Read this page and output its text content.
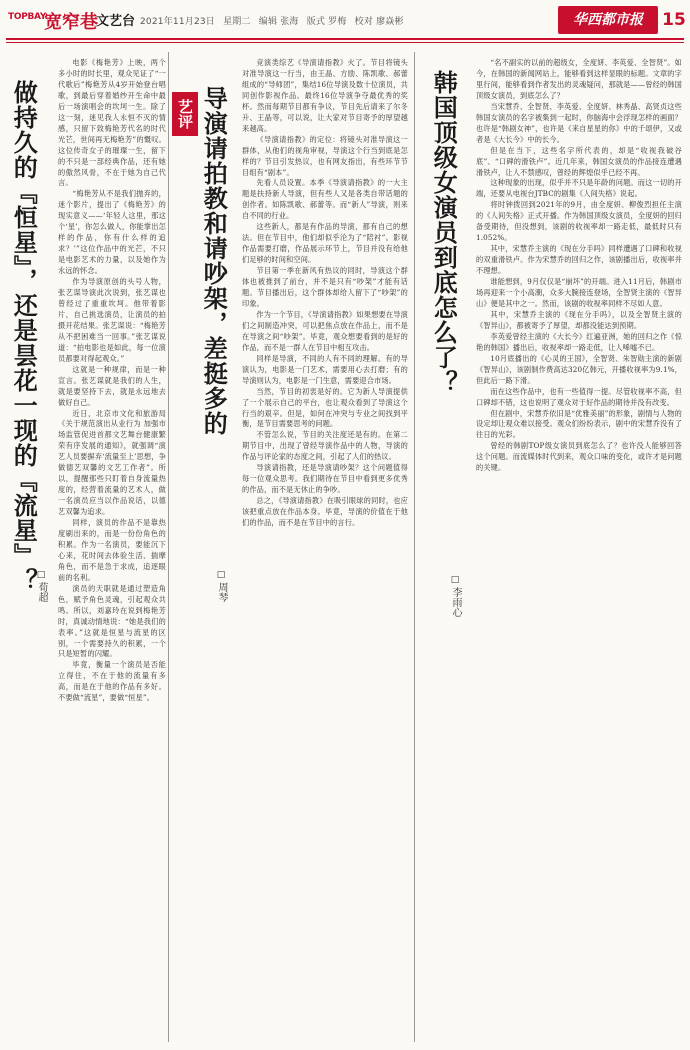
TOPBAY
宽窄巷
文艺台 2021年11月23日 星期二 编辑 张海 版式 罗梅 校对 廖焱彬	华西都市报	15
艺评
做持久的『恒星』，还是昙花一现的『流星』？
□ 荀超

电影《梅艳芳》上映，两个多小时的时长里，观众见证了“一代歌后”梅艳芳从4岁开始登台唱歌，到最后穿着婚纱开生命中最后一场演唱会的坎坷一生。除了这一刻，迷见我人永恒不灭的情感，只留下致梅艳芳代名的时代光芒，世间再无梅艳芳”的慨叹。这位传奇女子的璀璨一生，留下的不只是一部经典作品，还有她的傲然风骨，不在于她为自己代言。

“梅艳芳从不是我们抛弃的，迷个影片，提出了《梅艳芳》的现实意义——‘年轻人这里，那这个‘星’，你怎么做人，你能掌出怎样的作品，你有什么样的追求？’”这位作品中的光芒，不只是电影艺术的力量，以及她作为永远的怀念。

作为导演原创的头号人物，张艺谋导演此次说到，张艺谋也曾经过了重重坎坷。他带着影片，自己挑选演员，让演员的拍摄开花结果。张艺谋说：“梅艳芳从不把困难当一回事。”张艺谋说道：“拍电影也是如此，每一位演员都要对得起观众。”

这就是一种规律，而是一种宣言。张艺谋就是我们的人生，就是要坚持下去，就是永远地去做好自己。

近日，北京市文化和旅游局《关于规范演出从业行为 加强市场监管促进首都文艺舞台健康繁荣有序发展的通知》，就强调“演艺人员要摒弃‘流量至上’思想，争做德艺双馨的文艺工作者”。所以，提醒那些只盯着自身流量热度的，经营着流量的艺术人，做一名演员应当以作品说话，以德艺双馨为追求。

同样，演员的作品不是靠热度刷出来的，而是一份份角色的积累。作为一名演员，要能沉下心来，花时间去体验生活、揣摩角色，而不是急于求成，追逐眼前的名利。

演员的天职就是通过塑造角色，赋予角色灵魂，引起观众共鸣。所以，刘嘉玲在说到梅艳芳时，真诚动情地说：“她是我们的表率。”这就是恒星与流星的区别，一个需要持久的积累，一个只是短暂的闪耀。

毕竟，衡量一个演员是否能立得住，不在于他的流量有多高，而是在于他的作品有多好。不要做“流星”，要做“恒星”。

导演请拍教和请吵架，差挺多的
□ 周琴

竞演类综艺《导演请指教》火了。节目将镜头对准导演这一行当，由王晶、方励、陈凯歌、郝蕾组成的“导师团”，集结16位导演及数十位演员，共同创作影视作品。最终16位导演争夺最优秀的奖杯。然而每期节目都有争议，节目先后请来了尔冬升、王晶等，可以说，让大家对节目寄予的厚望越来越高。

《导演请指教》的定位：将镜头对准导演这一群体，从他们的视角审视，导演这个行当到底是怎样的？节目引发热议，也有网友指出，有些环节节目组有“剧本”。

先看人员设置。本季《导演请指教》的一大主题是扶持新人导演，但有些人又是各类自带话题的创作者。如陈凯歌、郝蕾等。而“新人”导演，则来自不同的行业。

这些新人，都是有作品的导演，都有自己的想法。但在节目中，他们却似乎沦为了“陪衬”。影视作品需要打磨，作品展示环节上，节目并没有给他们足够的时间和空间。

节目第一季在新风有热议的同时，导演这个群体也被推到了前台，并不是只有“吵架”才能有话题。节目播出后，这个群体却给人留下了“吵架”的印象。

作为一个节目，《导演请指教》如果想要在导演们之间制造冲突，可以把焦点放在作品上，而不是在导演之间“吵架”。毕竟，观众想要看到的是好的作品，而不是一群人在节目中相互攻击。

同样是导演，不同的人有不同的理解。有的导演认为，电影是一门艺术，需要用心去打磨；有的导演则认为，电影是一门生意，需要迎合市场。

当然，节目的初衷是好的。它为新人导演提供了一个展示自己的平台，也让观众看到了导演这个行当的艰辛。但是，如何在冲突与专业之间找到平衡，是节目需要思考的问题。

不管怎么说，节目的关注度还是有的。在第二期节目中，出现了曾经导演作品中的人物，导演的作品与评论家的态度之间，引起了人们的热议。

导演请指教，还是导演请吵架？这个问题值得每一位观众思考。我们期待在节目中看到更多优秀的作品，而不是无休止的争吵。

总之，《导演请指教》在吸引眼球的同时，也应该把重点放在作品本身。毕竟，导演的价值在于他们的作品，而不是在节目中的言行。

韩国顶级女演员到底怎么了？
□ 李雨心

“名不副实的以前的超级女，全度妍、李英爱、全智贤”。如今，在韩国的新闻网站上，能够看到这样显眼的标题。文章的字里行间，能够看到作者发出的灵魂疑问，那就是——曾经的韩国顶级女演员，到底怎么了？

当宋慧乔、全智贤、李英爱、全度妍、林秀晶、高贤贞这些韩国女演员的名字被集到一起时，你脑海中会浮现怎样的画面？也许是“韩剧女神”，也许是《来自星星的你》中的千颂伊，又或者是《大长今》中的长今。

但是在当下，这些名字所代表的，却是“收视我破谷底”、“口碑的滑铁卢”。近几年来，韩国女演员的作品接连遭遇滑铁卢，让人不禁感叹，曾经的辉煌似乎已经不再。

这种现象的出现，似乎并不只是年龄的问题。而这一切的开端，还要从电视台JTBC的剧集《人间失格》说起。

将时钟拨回到2021年的9月，由全度妍、柳俊烈担任主演的《人间失格》正式开播。作为韩国顶级女演员，全度妍的回归备受期待，但没想到，该剧的收视率却一路走低，最低时只有1.052%。

其中，宋慧乔主演的《现在分手吗》同样遭遇了口碑和收视的双重滑铁卢。作为宋慧乔的回归之作，该剧播出后，收视率并不理想。

谁能想到，9月仅仅是“崩坏”的开端。进入11月后，韩剧市场再迎来一个小高潮，众多大腕接连登场，全智贤主演的《智异山》便是其中之一。然而，该剧的收视率同样不尽如人意。

其中，宋慧乔主演的《现在分手吗》，以及全智贤主演的《智异山》，都被寄予了厚望，却都没能达到预期。

李英爱曾经主演的《大长今》红遍亚洲，她的回归之作《惊艳的韩国》播出后，收视率却一路走低，让人唏嘘不已。

10月底播出的《心灵的王国》，全智贤、朱智勋主演的新剧《智异山》，该剧制作费高达320亿韩元，开播收视率为9.1%，但此后一路下滑。

而在这些作品中，也有一些值得一提。尽管收视率不高，但口碑却不错，这也说明了观众对于好作品的期待并没有改变。

但在剧中，宋慧乔依旧是“优雅美丽”的形象，剧情与人物的设定却让观众难以接受。观众们纷纷表示，剧中的宋慧乔没有了往日的光彩。

曾经的韩剧TOP级女演员到底怎么了？也许没人能够回答这个问题。而流媒体时代到来，观众口味的变化，或许才是问题的关键。
